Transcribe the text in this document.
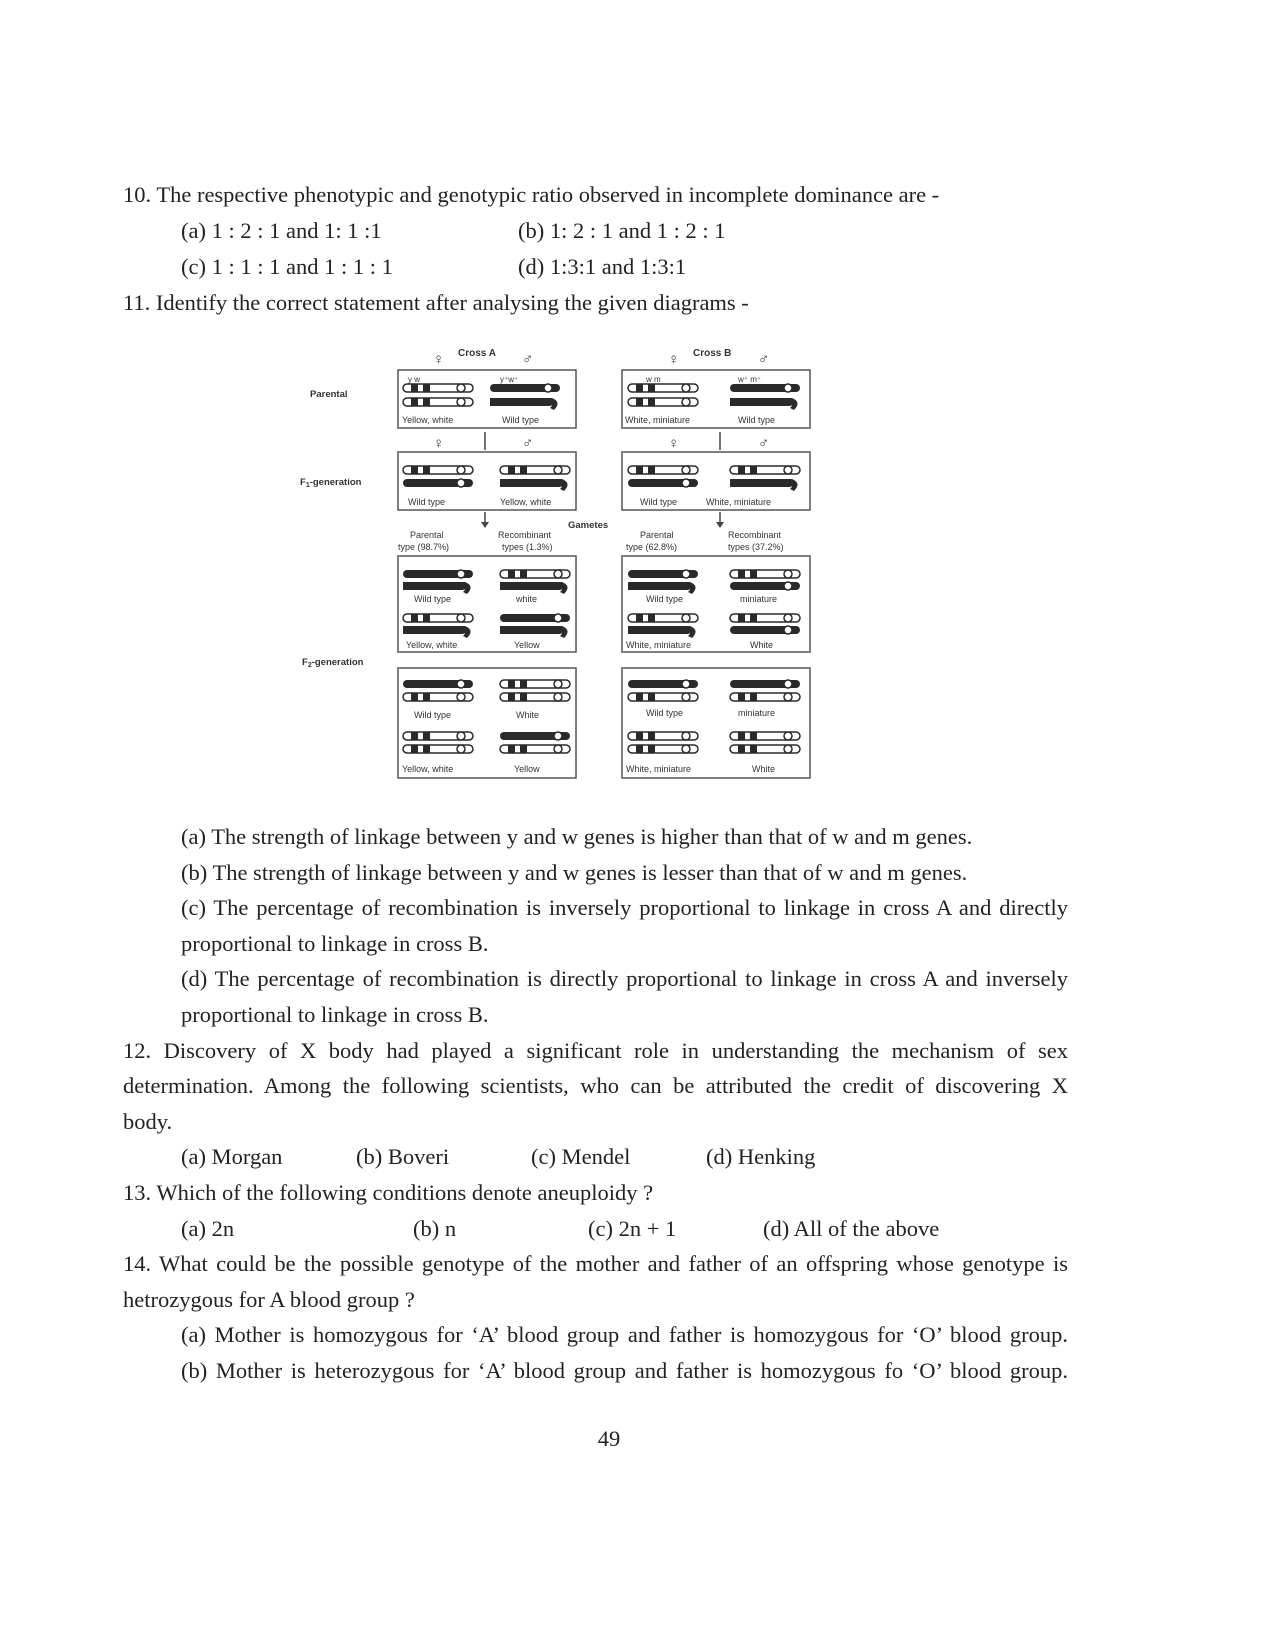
10. The respective phenotypic and genotypic ratio observed in incomplete dominance are -
(a) 1 : 2 : 1 and 1: 1 :1	(b) 1: 2 : 1 and 1 : 2 : 1
(c) 1 : 1 : 1 and 1 : 1 : 1	(d) 1:3:1 and 1:3:1
11. Identify the correct statement after analysing the given diagrams -
Cross A	Cross B
♀	♂	♀	♂
Parental
$F_1$-generation
$F_2$-generation
y w	y⁺w⁺	w m	w⁺ m⁺
Yellow, white	Wild type	White, miniature	Wild type
♀	♂	♀	♂
Wild type	Yellow, white	Wild type	White, miniature
Gametes
Parental
type (98.7%)
Recombinant
types (1.3%)
Parental
type (62.8%)
Recombinant
types (37.2%)
Wild type	white
Yellow, white	Yellow
Wild type	miniature
White, miniature	White
Wild type	White
Yellow, white	Yellow
Wild type	miniature
White, miniature	White
(a) The strength of linkage between y and w genes is higher than that of w and m genes.
(b) The strength of linkage between y and w genes is lesser than that of w and m genes.
(c) The percentage of recombination is inversely proportional to linkage in cross A and directly
proportional to linkage in cross B.
(d) The percentage of recombination is directly proportional to linkage in cross A and inversely
proportional to linkage in cross B.
12. Discovery of X body had played a significant role in understanding the mechanism of sex
determination. Among the following scientists, who can be attributed the credit of discovering X
body.
(a) Morgan	(b) Boveri	(c) Mendel	(d) Henking
13. Which of the following conditions denote aneuploidy ?
(a) 2n	(b) n	(c) 2n + 1	(d) All of the above
14. What could be the possible genotype of the mother and father of an offspring whose genotype is
hetrozygous for A blood group ?
(a) Mother is homozygous for ‘A’ blood group and father is homozygous for ‘O’ blood group.
(b) Mother is heterozygous for ‘A’ blood group and father is homozygous fo ‘O’ blood group.
49
